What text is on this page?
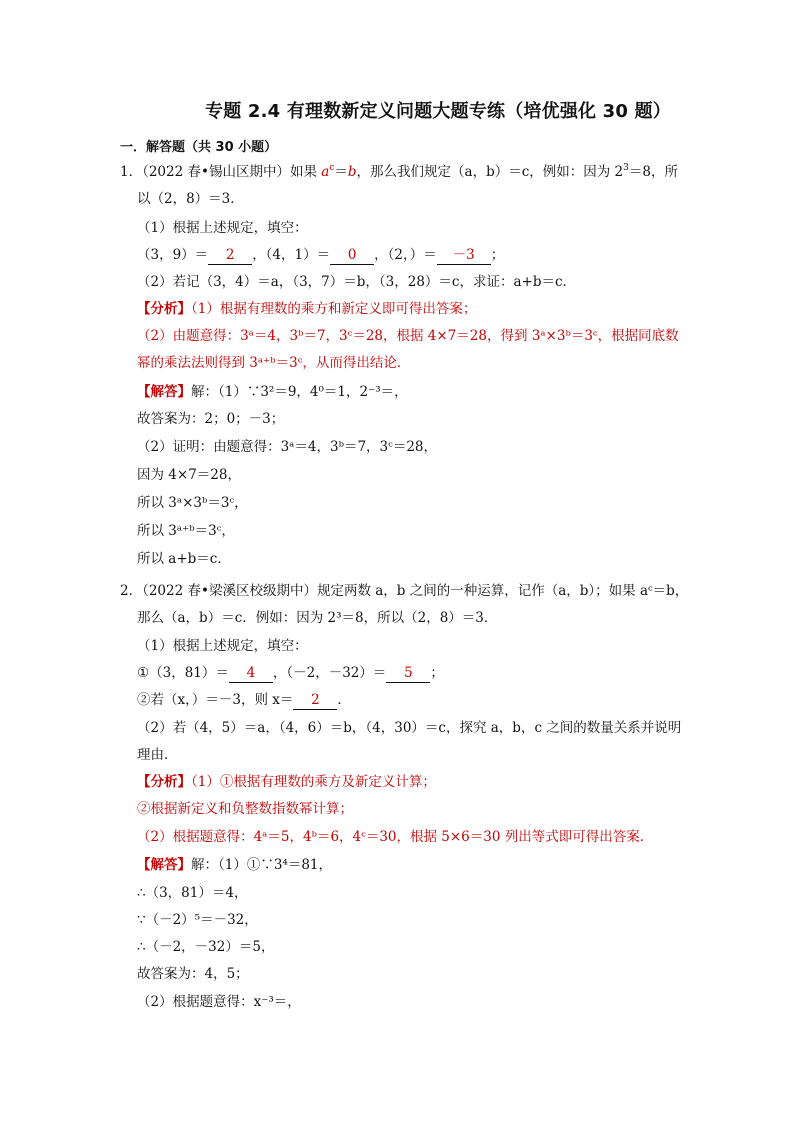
专题 2.4 有理数新定义问题大题专练（培优强化 30 题）
一．解答题（共 30 小题）
1．（2022 春•锡山区期中）如果 $a^c=b$，那么我们规定（a，b）＝c，例如：因为 $2^3=8$，所
以（2，8）＝3．
（1）根据上述规定，填空：
（3，9）＝ 2 ，（4，1）＝ 0 ，（2，）＝ －3 ；
（2）若记（3，4）＝a，（3，7）＝b，（3，28）＝c，求证：a+b＝c．
【分析】（1）根据有理数的乘方和新定义即可得出答案；
（2）由题意得：3ᵃ＝4，3ᵇ＝7，3ᶜ＝28，根据 4×7＝28，得到 3ᵃ×3ᵇ＝3ᶜ，根据同底数
幂的乘法法则得到 3ᵃ⁺ᵇ＝3ᶜ，从而得出结论．
【解答】解：（1）∵3²＝9，4⁰＝1，2⁻³＝，
故答案为：2；0；－3；
（2）证明：由题意得：3ᵃ＝4，3ᵇ＝7，3ᶜ＝28，
因为 4×7＝28，
所以 3ᵃ×3ᵇ＝3ᶜ，
所以 3ᵃ⁺ᵇ＝3ᶜ，
所以 a+b＝c．
2．（2022 春•梁溪区校级期中）规定两数 a，b 之间的一种运算，记作（a，b）；如果 aᶜ＝b，
那么（a，b）＝c．例如：因为 2³＝8，所以（2，8）＝3．
（1）根据上述规定，填空：
①（3，81）＝ 4 ，（－2，－32）＝ 5 ；
②若（x，）＝－3，则 x＝ 2 ．
（2）若（4，5）＝a，（4，6）＝b，（4，30）＝c，探究 a，b，c 之间的数量关系并说明
理由．
【分析】（1）①根据有理数的乘方及新定义计算；
②根据新定义和负整数指数幂计算；
（2）根据题意得：4ᵃ＝5，4ᵇ＝6，4ᶜ＝30，根据 5×6＝30 列出等式即可得出答案．
【解答】解：（1）①∵3⁴＝81，
∴（3，81）＝4，
∵（－2）⁵＝－32，
∴（－2，－32）＝5，
故答案为：4，5；
（2）根据题意得：x⁻³＝，
